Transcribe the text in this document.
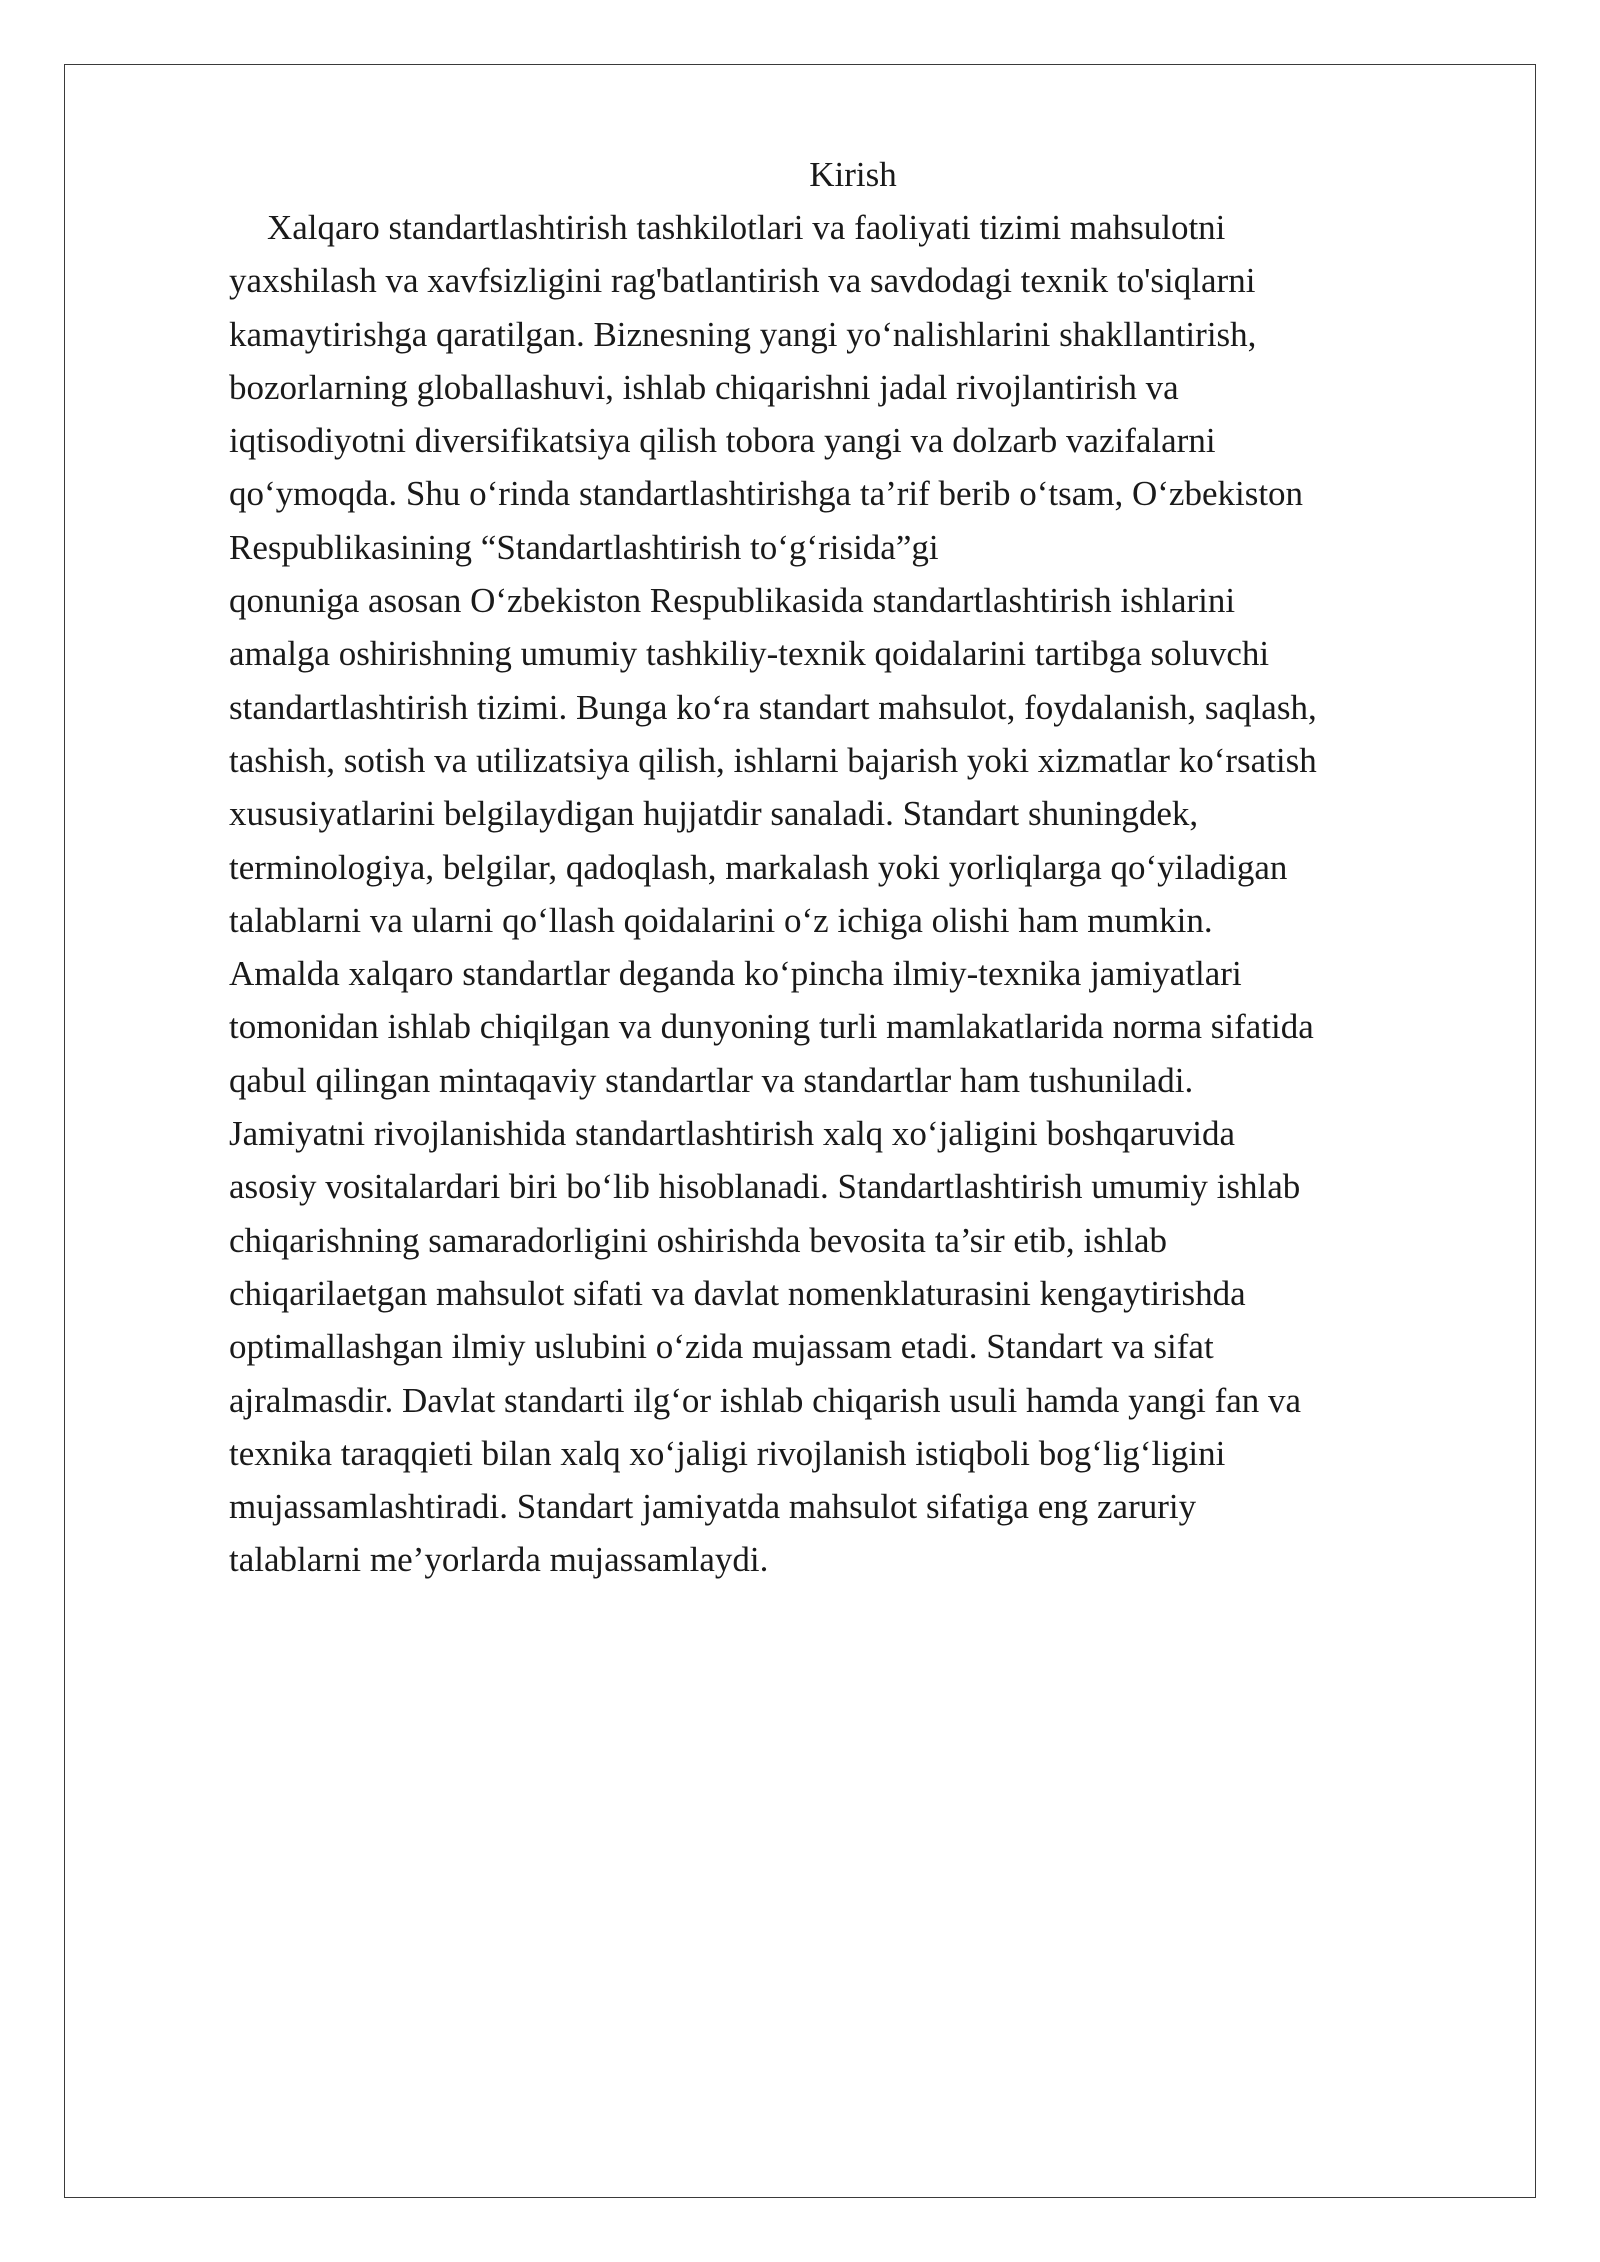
Kirish
Xalqaro standartlashtirish tashkilotlari va faoliyati tizimi mahsulotni
yaxshilash va xavfsizligini rag'batlantirish va savdodagi texnik to'siqlarni
kamaytirishga qaratilgan. Biznesning yangi yo‘nalishlarini shakllantirish,
bozorlarning globallashuvi, ishlab chiqarishni jadal rivojlantirish va
iqtisodiyotni diversifikatsiya qilish tobora yangi va dolzarb vazifalarni
qo‘ymoqda. Shu o‘rinda standartlashtirishga ta’rif berib o‘tsam, O‘zbekiston
Respublikasining “Standartlashtirish to‘g‘risida”gi
qonuniga asosan O‘zbekiston Respublikasida standartlashtirish ishlarini
amalga oshirishning umumiy tashkiliy-texnik qoidalarini tartibga soluvchi
standartlashtirish tizimi. Bunga ko‘ra standart mahsulot, foydalanish, saqlash,
tashish, sotish va utilizatsiya qilish, ishlarni bajarish yoki xizmatlar ko‘rsatish
xususiyatlarini belgilaydigan hujjatdir sanaladi. Standart shuningdek,
terminologiya, belgilar, qadoqlash, markalash yoki yorliqlarga qo‘yiladigan
talablarni va ularni qo‘llash qoidalarini o‘z ichiga olishi ham mumkin.
Amalda xalqaro standartlar deganda ko‘pincha ilmiy-texnika jamiyatlari
tomonidan ishlab chiqilgan va dunyoning turli mamlakatlarida norma sifatida
qabul qilingan mintaqaviy standartlar va standartlar ham tushuniladi.
Jamiyatni rivojlanishida standartlashtirish xalq xo‘jaligini boshqaruvida
asosiy vositalardari biri bo‘lib hisoblanadi. Standartlashtirish umumiy ishlab
chiqarishning samaradorligini oshirishda bevosita ta’sir etib, ishlab
chiqarilaetgan mahsulot sifati va davlat nomenklaturasini kengaytirishda
optimallashgan ilmiy uslubini o‘zida mujassam etadi. Standart va sifat
ajralmasdir. Davlat standarti ilg‘or ishlab chiqarish usuli hamda yangi fan va
texnika taraqqieti bilan xalq xo‘jaligi rivojlanish istiqboli bog‘lig‘ligini
mujassamlashtiradi. Standart jamiyatda mahsulot sifatiga eng zaruriy
talablarni me’yorlarda mujassamlaydi.
